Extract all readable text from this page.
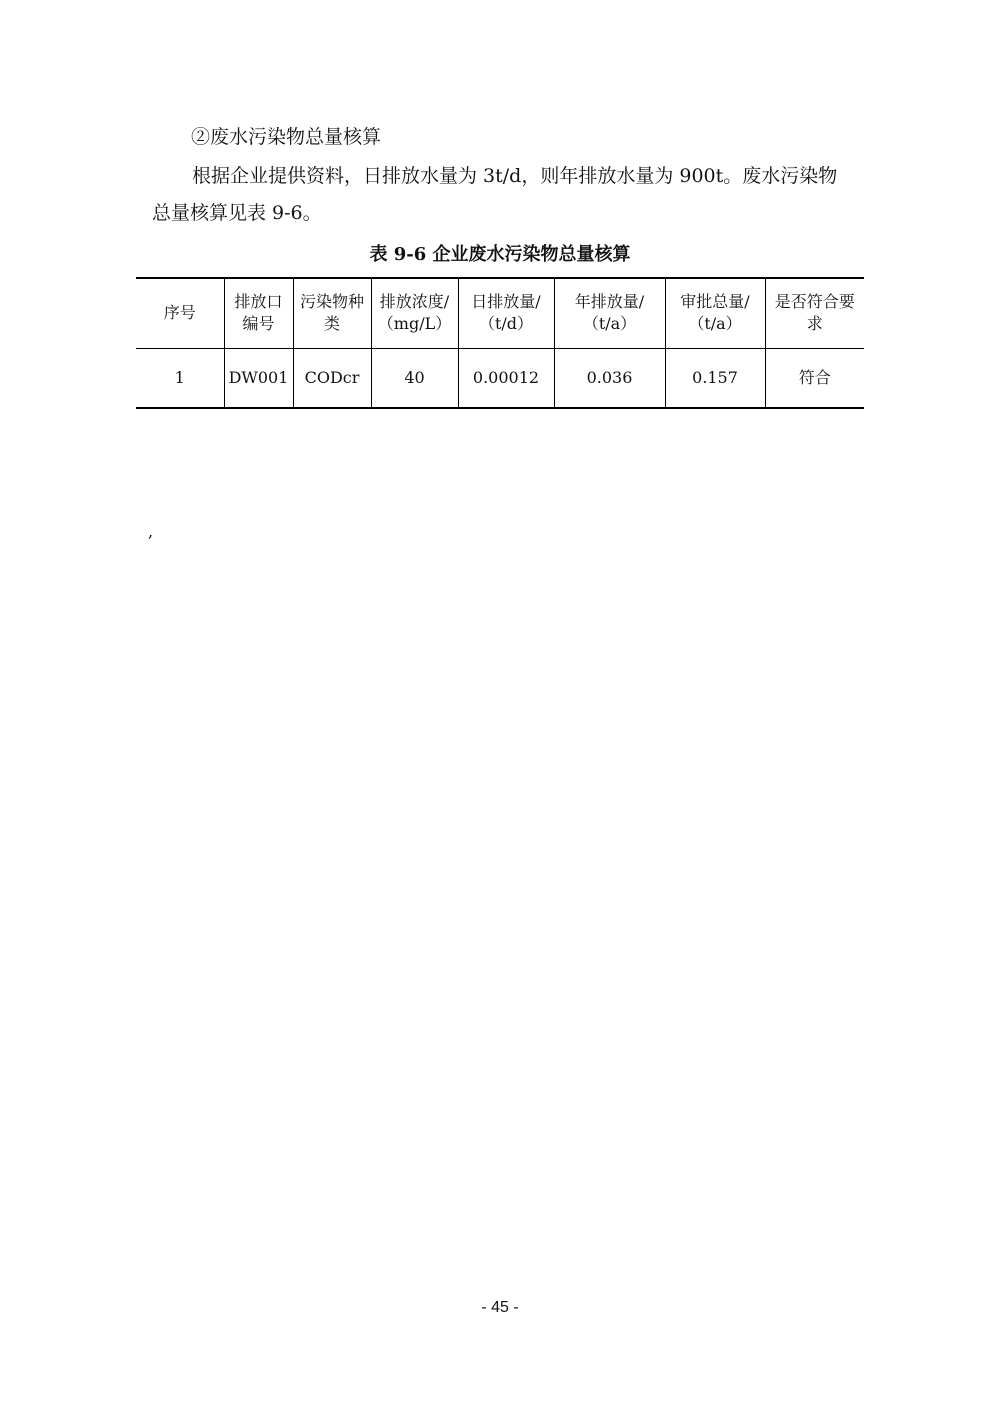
②废水污染物总量核算
根据企业提供资料，日排放水量为 3t/d，则年排放水量为 900t。废水污染物总量核算见表 9-6。
表 9-6 企业废水污染物总量核算
序号	排放口编号	污染物种类	排放浓度/（mg/L）	日排放量/（t/d）	年排放量/（t/a）	审批总量/（t/a）	是否符合要求
1	DW001	CODcr	40	0.00012	0.036	0.157	符合
,
- 45 -
